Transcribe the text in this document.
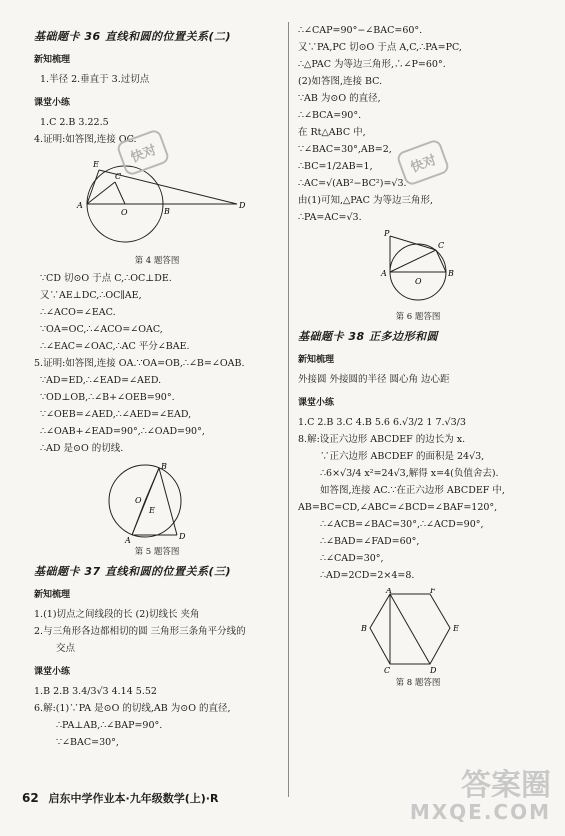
基础题卡 36 直线和圆的位置关系(二)
新知梳理
1.半径 2.垂直于 3.过切点
课堂小练
1.C 2.B 3.22.5
4.证明:如答图,连接 OC.
E
C
A
O	B
D
第 4 题答图
∵CD 切⊙O 于点 C,∴OC⊥DE.
又∵AE⊥DC,∴OC∥AE,
∴∠ACO=∠EAC.
∵OA=OC,∴∠ACO=∠OAC,
∴∠EAC=∠OAC,∴AC 平分∠BAE.
5.证明:如答图,连接 OA.∵OA=OB,∴∠B=∠OAB.
∵AD=ED,∴∠EAD=∠AED.
∵OD⊥OB,∴∠B+∠OEB=90°.
∵∠OEB=∠AED,∴∠AED=∠EAD,
∴∠OAB+∠EAD=90°,∴∠OAD=90°,
∴AD 是⊙O 的切线.
B
O
E
A	D
第 5 题答图
基础题卡 37 直线和圆的位置关系(三)
新知梳理
1.(1)切点之间线段的长 (2)切线长 夹角
2.与三角形各边都相切的圆 三角形三条角平分线的
交点
课堂小练
1.B 2.B 3.4/3√3 4.14 5.52
6.解:(1)∵PA 是⊙O 的切线,AB 为⊙O 的直径,
∴PA⊥AB,∴∠BAP=90°.
∵∠BAC=30°,
∴∠CAP=90°−∠BAC=60°.
又∵PA,PC 切⊙O 于点 A,C,∴PA=PC,
∴△PAC 为等边三角形,∴∠P=60°.
(2)如答图,连接 BC.
∵AB 为⊙O 的直径,
∴∠BCA=90°.
在 Rt△ABC 中,
∵∠BAC=30°,AB=2,
∴BC=1/2AB=1,
∴AC=√(AB²−BC²)=√3.
由(1)可知,△PAC 为等边三角形,
∴PA=AC=√3.
P
C
A
O
B
第 6 题答图
基础题卡 38 正多边形和圆
新知梳理
外接圆 外接圆的半径 圆心角 边心距
课堂小练
1.C 2.B 3.C 4.B 5.6 6.√3/2 1 7.√3/3
8.解:设正六边形 ABCDEF 的边长为 x.
∵正六边形 ABCDEF 的面积是 24√3,
∴6×√3/4 x²=24√3,解得 x=4(负值舍去).
如答图,连接 AC.∵在正六边形 ABCDEF 中,
AB=BC=CD,∠ABC=∠BCD=∠BAF=120°,
∴∠ACB=∠BAC=30°,∴∠ACD=90°,
∴∠BAD=∠FAD=60°,
∴∠CAD=30°,
∴AD=2CD=2×4=8.
A	F
B	E
C	D
第 8 题答图
快对	快对
62 启东中学作业本·九年级数学(上)·R	答案圈
MXQE.COM
